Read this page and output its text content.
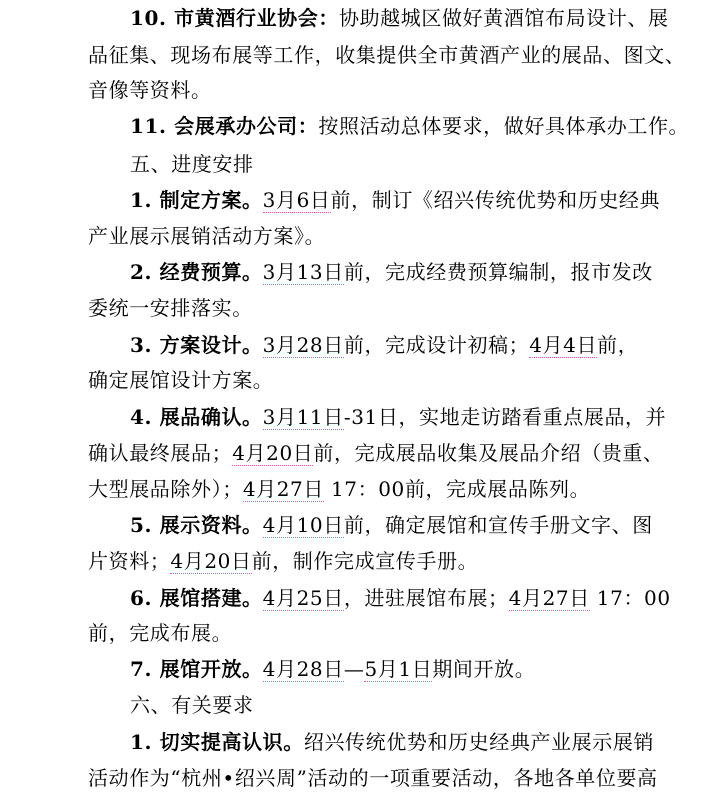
10. 市黄酒行业协会：协助越城区做好黄酒馆布局设计、展
品征集、现场布展等工作，收集提供全市黄酒产业的展品、图文、
音像等资料。
11. 会展承办公司：按照活动总体要求，做好具体承办工作。
五、进度安排
1. 制定方案。3月6日前，制订《绍兴传统优势和历史经典
产业展示展销活动方案》。
2. 经费预算。3月13日前，完成经费预算编制，报市发改
委统一安排落实。
3. 方案设计。3月28日前，完成设计初稿；4月4日前，
确定展馆设计方案。
4. 展品确认。3月11日-31日，实地走访踏看重点展品，并
确认最终展品；4月20日前，完成展品收集及展品介绍（贵重、
大型展品除外）；4月27日 17：00前，完成展品陈列。
5. 展示资料。4月10日前，确定展馆和宣传手册文字、图
片资料；4月20日前，制作完成宣传手册。
6. 展馆搭建。4月25日，进驻展馆布展；4月27日 17：00
前，完成布展。
7. 展馆开放。4月28日—5月1日期间开放。
六、有关要求
1. 切实提高认识。绍兴传统优势和历史经典产业展示展销
活动作为“杭州•绍兴周”活动的一项重要活动，各地各单位要高
